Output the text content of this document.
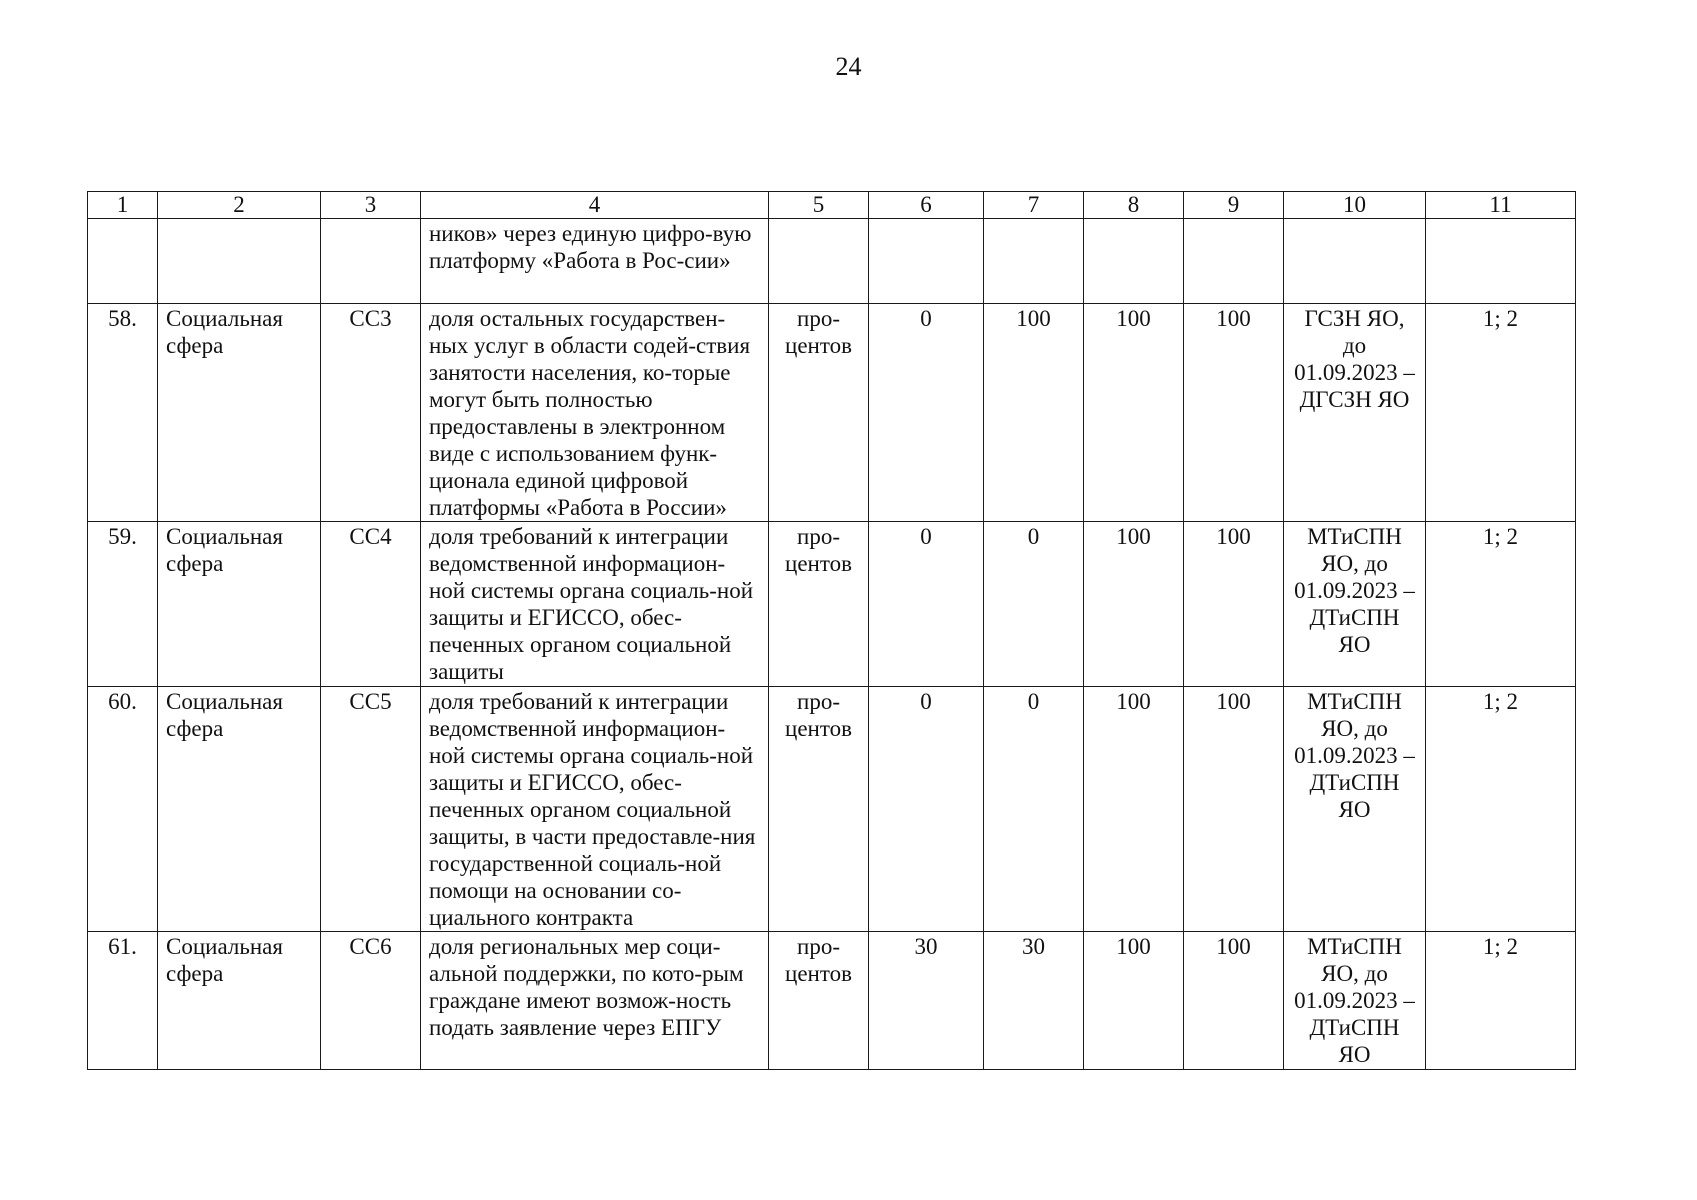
24
1	2	3	4	5	6	7	8	9	10	11
			ников» через единую цифро-вую платформу «Работа в Рос-сии»							
58.	Социальная сфера	СС3	доля остальных государствен-ных услуг в области содей-ствия занятости населения, ко-торые могут быть полностью предоставлены в электронном виде с использованием функ-ционала единой цифровой платформы «Работа в России»	про-центов	0	100	100	100	ГСЗН ЯО, до 01.09.2023 – ДГСЗН ЯО	1; 2
59.	Социальная сфера	СС4	доля требований к интеграции ведомственной информацион-ной системы органа социаль-ной защиты и ЕГИССО, обес-печенных органом социальной защиты	про-центов	0	0	100	100	МТиСПН ЯО, до 01.09.2023 – ДТиСПН ЯО	1; 2
60.	Социальная сфера	СС5	доля требований к интеграции ведомственной информацион-ной системы органа социаль-ной защиты и ЕГИССО, обес-печенных органом социальной защиты, в части предоставле-ния государственной социаль-ной помощи на основании со-циального контракта	про-центов	0	0	100	100	МТиСПН ЯО, до 01.09.2023 – ДТиСПН ЯО	1; 2
61.	Социальная сфера	СС6	доля региональных мер соци-альной поддержки, по кото-рым граждане имеют возмож-ность подать заявление через ЕПГУ	про-центов	30	30	100	100	МТиСПН ЯО, до 01.09.2023 – ДТиСПН ЯО	1; 2
